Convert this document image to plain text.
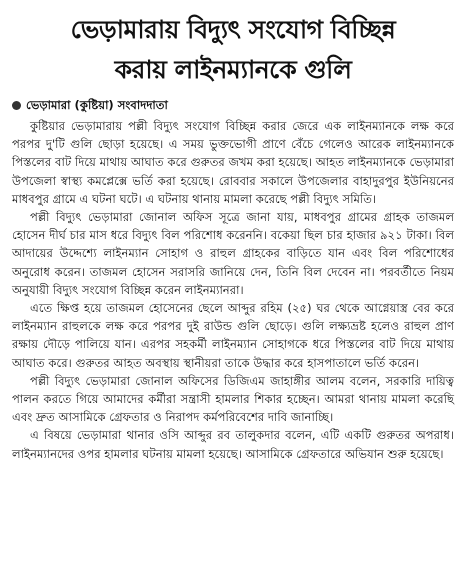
ভেড়ামারায় বিদ্যুৎ সংযোগ বিচ্ছিন্ন
করায় লাইনম্যানকে গুলি
ভেড়ামারা (কুষ্টিয়া) সংবাদদাতা

কুষ্টিয়ার ভেড়ামারায় পল্লী বিদ্যুৎ সংযোগ বিচ্ছিন্ন করার জেরে এক লাইনম্যানকে লক্ষ করে পরপর দু'টি গুলি ছোড়া হয়েছে। এ সময় ভুক্তভোগী প্রাণে বেঁচে গেলেও আরেক লাইনম্যানকে পিস্তলের বাট দিয়ে মাথায় আঘাত করে গুরুতর জখম করা হয়েছে। আহত লাইনম্যানকে ভেড়ামারা উপজেলা স্বাস্থ্য কমপ্লেক্সে ভর্তি করা হয়েছে। রোববার সকালে উপজেলার বাহাদুরপুর ইউনিয়নের মাধবপুর গ্রামে এ ঘটনা ঘটে। এ ঘটনায় থানায় মামলা করেছে পল্লী বিদ্যুৎ সমিতি।

পল্লী বিদ্যুৎ ভেড়ামারা জোনাল অফিস সূত্রে জানা যায়, মাধবপুর গ্রামের গ্রাহক তাজমল হোসেন দীর্ঘ চার মাস ধরে বিদ্যুৎ বিল পরিশোধ করেননি। বকেয়া ছিল চার হাজার ৯২১ টাকা। বিল আদায়ের উদ্দেশ্যে লাইনম্যান সোহাগ ও রাহুল গ্রাহকের বাড়িতে যান এবং বিল পরিশোধের অনুরোধ করেন। তাজমল হোসেন সরাসরি জানিয়ে দেন, তিনি বিল দেবেন না। পরবর্তীতে নিয়ম অনুযায়ী বিদ্যুৎ সংযোগ বিচ্ছিন্ন করেন লাইনম্যানরা।

এতে ক্ষিপ্ত হয়ে তাজমল হোসেনের ছেলে আব্দুর রহিম (২৫) ঘর থেকে আগ্নেয়াস্ত্র বের করে লাইনম্যান রাহুলকে লক্ষ করে পরপর দুই রাউন্ড গুলি ছোড়ে। গুলি লক্ষ্যভ্রষ্ট হলেও রাহুল প্রাণ রক্ষায় দৌড়ে পালিয়ে যান। এরপর সহকর্মী লাইনম্যান সোহাগকে ধরে পিস্তলের বাট দিয়ে মাথায় আঘাত করে। গুরুতর আহত অবস্থায় স্থানীয়রা তাকে উদ্ধার করে হাসপাতালে ভর্তি করেন।

পল্লী বিদ্যুৎ ভেড়ামারা জোনাল অফিসের ডিজিএম জাহাঙ্গীর আলম বলেন, সরকারি দায়িত্ব পালন করতে গিয়ে আমাদের কর্মীরা সন্ত্রাসী হামলার শিকার হচ্ছেন। আমরা থানায় মামলা করেছি এবং দ্রুত আসামিকে গ্রেফতার ও নিরাপদ কর্মপরিবেশের দাবি জানাচ্ছি।

এ বিষয়ে ভেড়ামারা থানার ওসি আব্দুর রব তালুকদার বলেন, এটি একটি গুরুতর অপরাধ। লাইনম্যানদের ওপর হামলার ঘটনায় মামলা হয়েছে। আসামিকে গ্রেফতারে অভিযান শুরু হয়েছে।
